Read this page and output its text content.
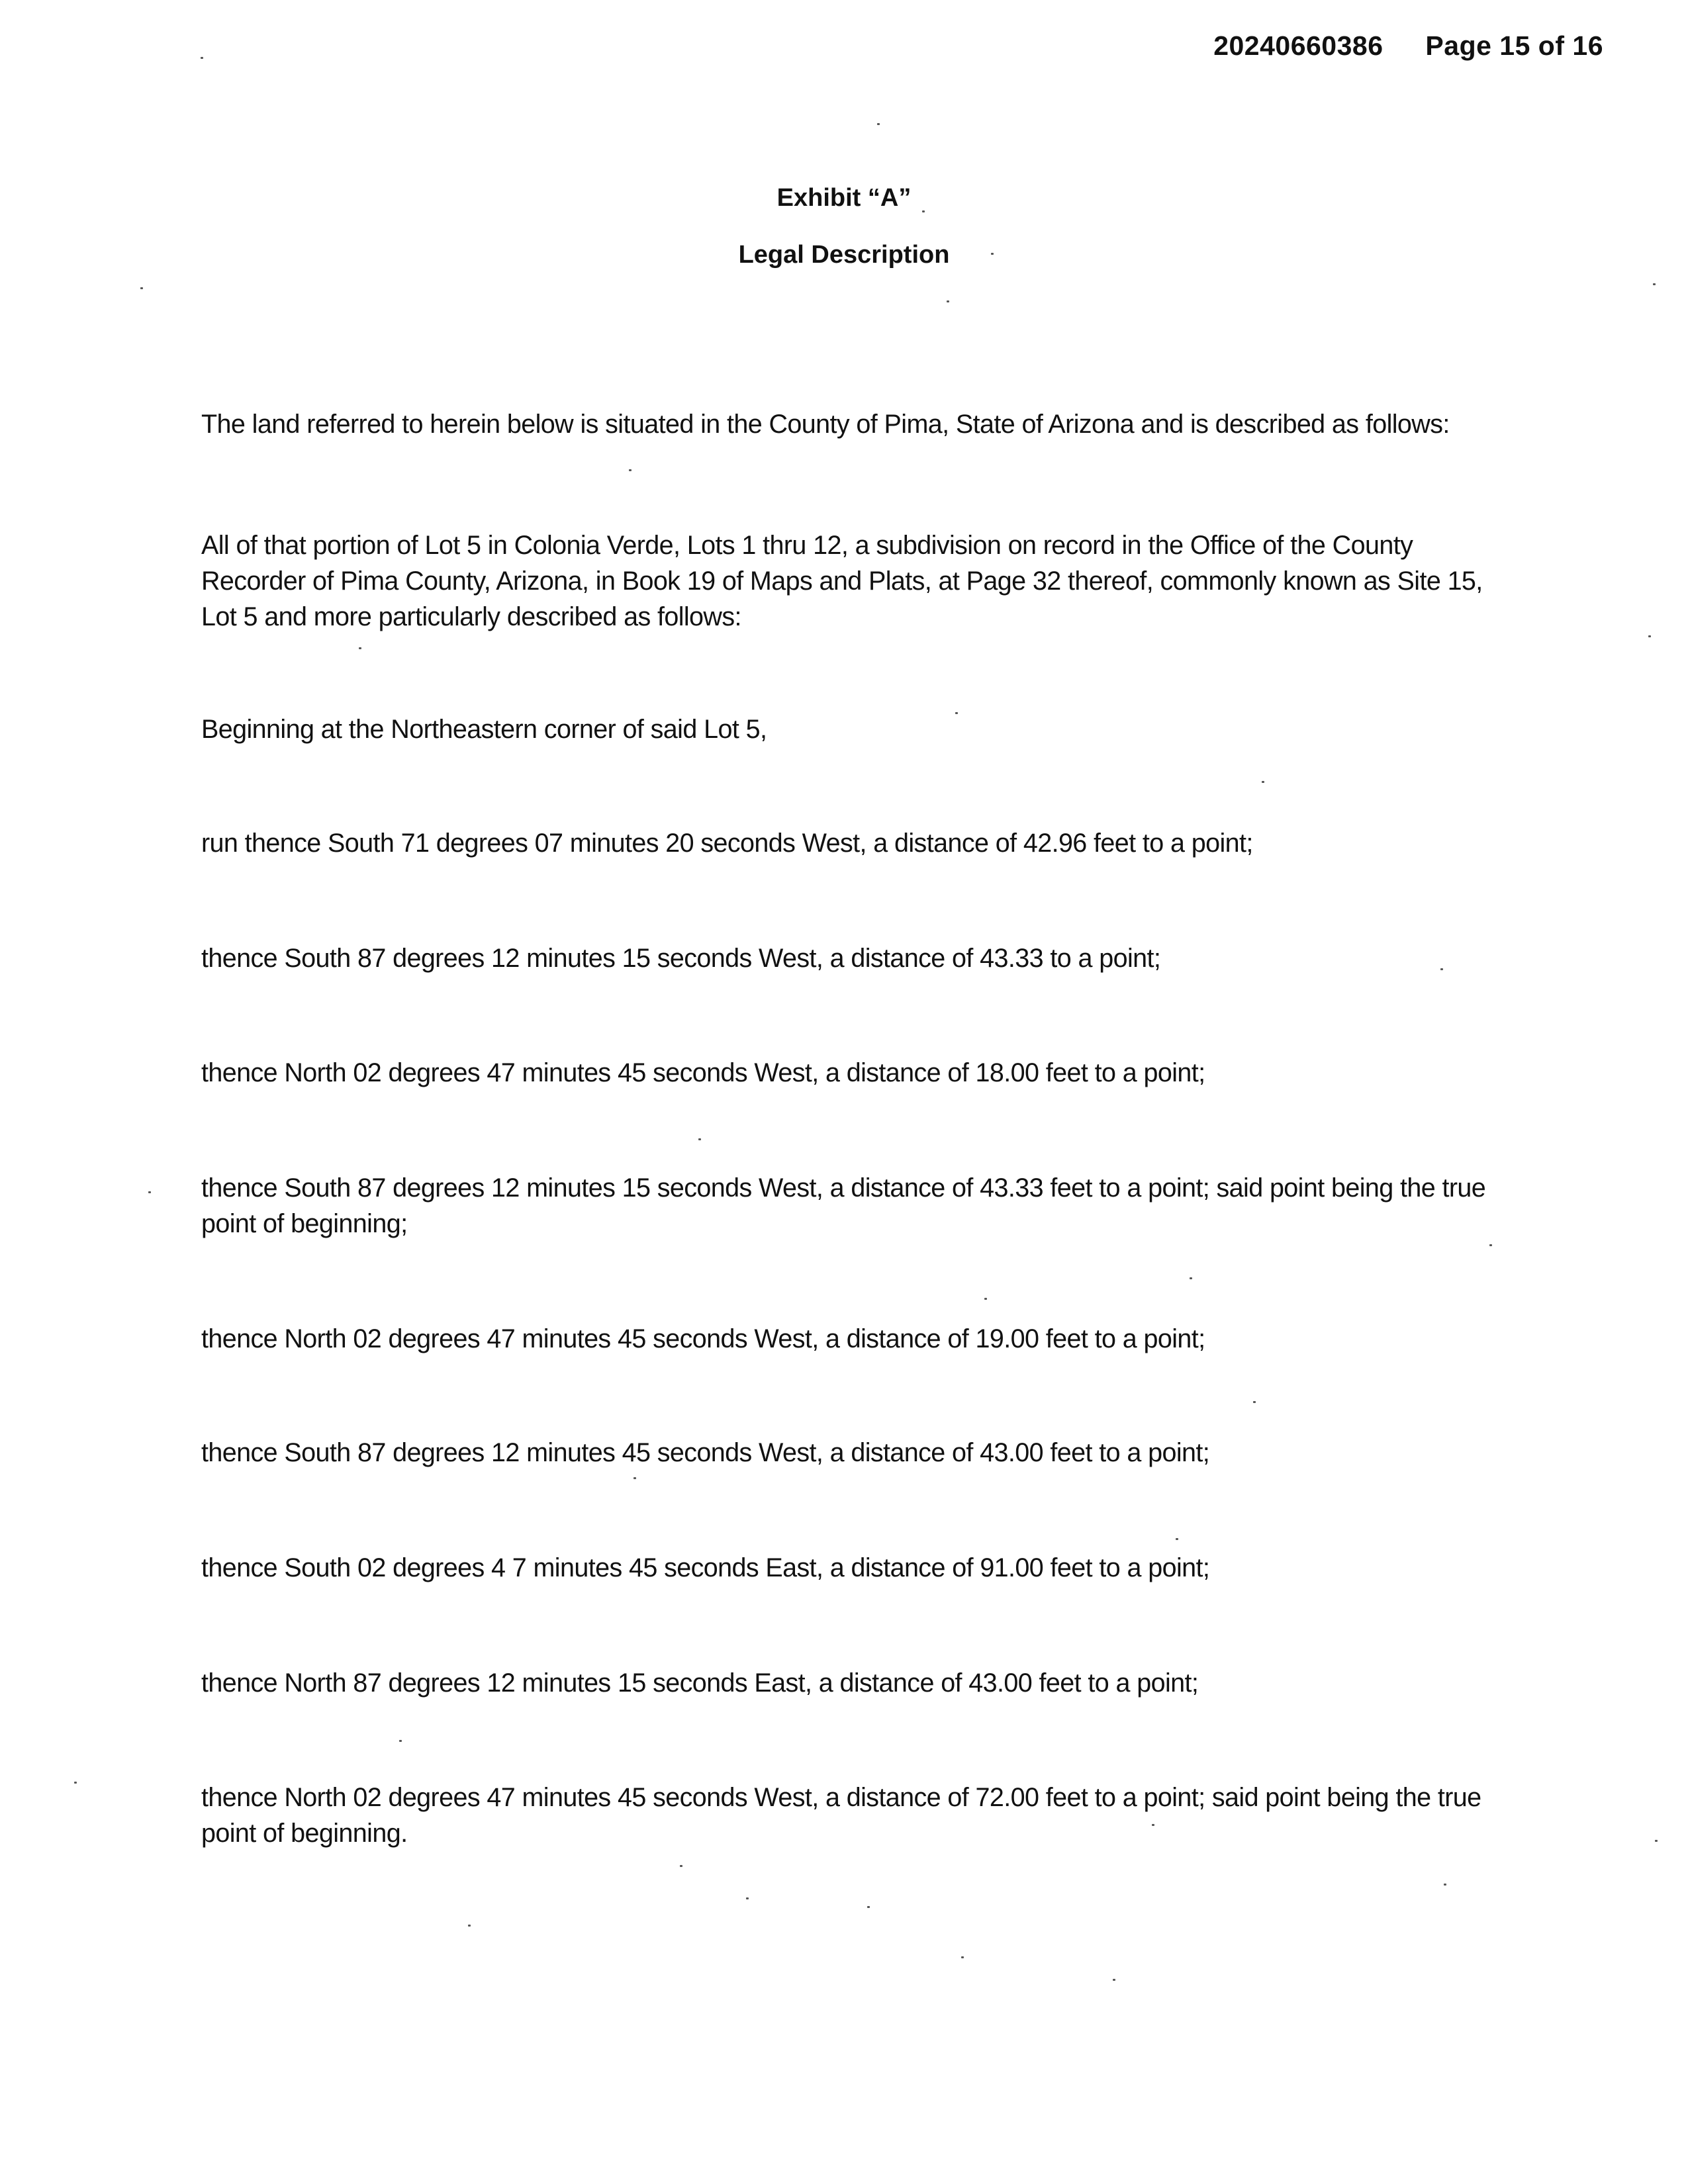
20240660386 Page 15 of 16
Exhibit “A”
Legal Description

The land referred to herein below is situated in the County of Pima, State of Arizona and is described as follows:

All of that portion of Lot 5 in Colonia Verde, Lots 1 thru 12, a subdivision on record in the Office of the County Recorder of Pima County, Arizona, in Book 19 of Maps and Plats, at Page 32 thereof, commonly known as Site 15, Lot 5 and more particularly described as follows:

Beginning at the Northeastern corner of said Lot 5,

run thence South 71 degrees 07 minutes 20 seconds West, a distance of 42.96 feet to a point;

thence South 87 degrees 12 minutes 15 seconds West, a distance of 43.33 to a point;

thence North 02 degrees 47 minutes 45 seconds West, a distance of 18.00 feet to a point;

thence South 87 degrees 12 minutes 15 seconds West, a distance of 43.33 feet to a point; said point being the true point of beginning;

thence North 02 degrees 47 minutes 45 seconds West, a distance of 19.00 feet to a point;

thence South 87 degrees 12 minutes 45 seconds West, a distance of 43.00 feet to a point;

thence South 02 degrees 4 7 minutes 45 seconds East, a distance of 91.00 feet to a point;

thence North 87 degrees 12 minutes 15 seconds East, a distance of 43.00 feet to a point;

thence North 02 degrees 47 minutes 45 seconds West, a distance of 72.00 feet to a point; said point being the true point of beginning.
